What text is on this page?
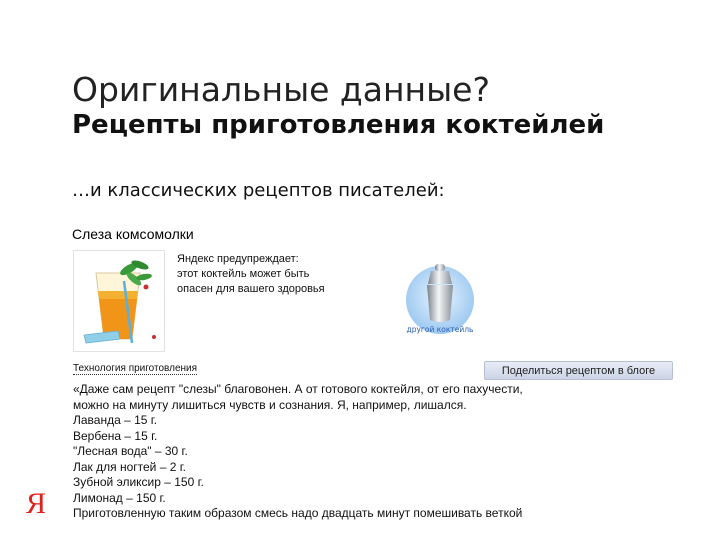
Оригинальные данные?
Рецепты приготовления коктейлей
…и классических рецептов писателей:
Слеза комсомолки
Яндекс предупреждает:
этот коктейль может быть
опасен для вашего здоровья
другой коктейль
Технология приготовления	Поделиться рецептом в блоге
«Даже сам рецепт "слезы" благовонен. А от готового коктейля, от его пахучести,
можно на минуту лишиться чувств и сознания. Я, например, лишался.
Лаванда – 15 г.
Вербена – 15 г.
"Лесная вода" – 30 г.
Лак для ногтей – 2 г.
Зубной эликсир – 150 г.
Лимонад – 150 г.
Приготовленную таким образом смесь надо двадцать минут помешивать веткой
Я
